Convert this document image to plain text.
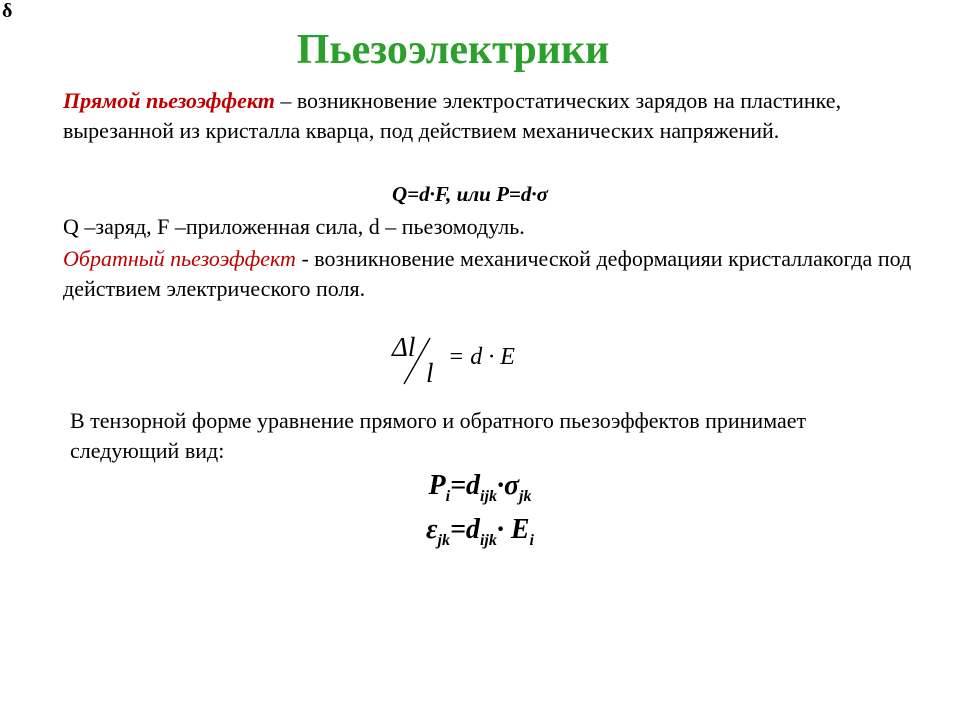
δ
Пьезоэлектрики
Прямой пьезоэффект – возникновение электростатических зарядов на пластинке, вырезанной из кристалла кварца, под действием механических напряжений.
Q=d·F, или P=d·σ
Q –заряд, F –приложенная сила, d – пьезомодуль.
Обратный пьезоэффект - возникновение механической деформацияи кристаллакогда под действием электрического поля.
Δl
l
= d · E
В тензорной форме уравнение прямого и обратного пьезоэффектов принимает следующий вид:
$P_i=d_{ijk}\cdot\sigma_{jk}$
$\varepsilon_{jk}=d_{ijk}\cdot E_i$
